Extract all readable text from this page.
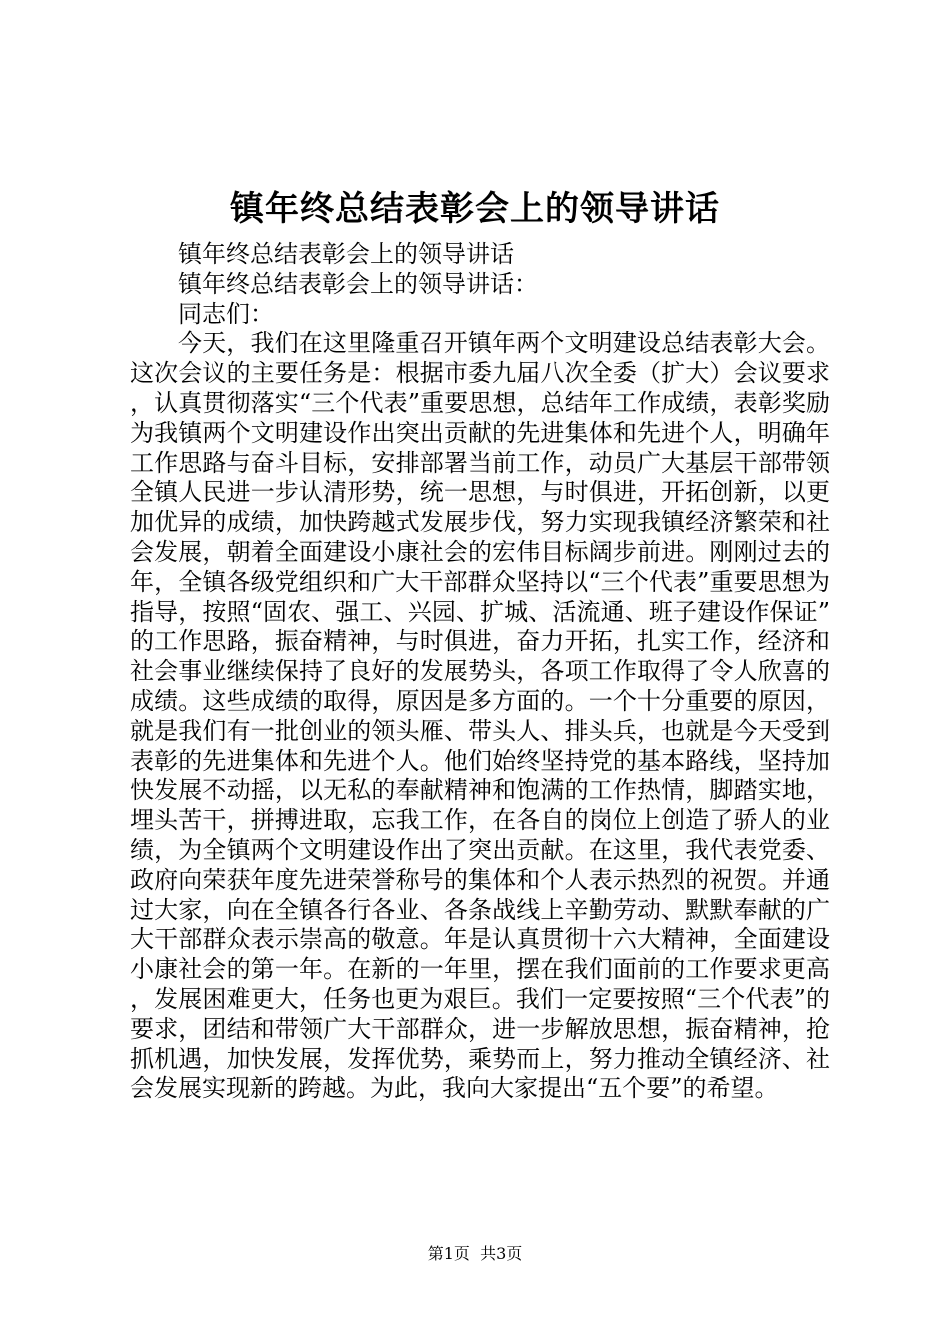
镇年终总结表彰会上的领导讲话

镇年终总结表彰会上的领导讲话

镇年终总结表彰会上的领导讲话：

同志们：

今天，我们在这里隆重召开镇年两个文明建设总结表彰大会。这次会议的主要任务是：根据市委九届八次全委（扩大）会议要求，认真贯彻落实“三个代表”重要思想，总结年工作成绩，表彰奖励为我镇两个文明建设作出突出贡献的先进集体和先进个人，明确年工作思路与奋斗目标，安排部署当前工作，动员广大基层干部带领全镇人民进一步认清形势，统一思想，与时俱进，开拓创新，以更加优异的成绩，加快跨越式发展步伐，努力实现我镇经济繁荣和社会发展，朝着全面建设小康社会的宏伟目标阔步前进。刚刚过去的年，全镇各级党组织和广大干部群众坚持以“三个代表”重要思想为指导，按照“固农、强工、兴园、扩城、活流通、班子建设作保证”的工作思路，振奋精神，与时俱进，奋力开拓，扎实工作，经济和社会事业继续保持了良好的发展势头，各项工作取得了令人欣喜的成绩。这些成绩的取得，原因是多方面的。一个十分重要的原因，就是我们有一批创业的领头雁、带头人、排头兵，也就是今天受到表彰的先进集体和先进个人。他们始终坚持党的基本路线，坚持加快发展不动摇，以无私的奉献精神和饱满的工作热情，脚踏实地，埋头苦干，拼搏进取，忘我工作，在各自的岗位上创造了骄人的业绩，为全镇两个文明建设作出了突出贡献。在这里，我代表党委、政府向荣获年度先进荣誉称号的集体和个人表示热烈的祝贺。并通过大家，向在全镇各行各业、各条战线上辛勤劳动、默默奉献的广大干部群众表示崇高的敬意。年是认真贯彻十六大精神，全面建设小康社会的第一年。在新的一年里，摆在我们面前的工作要求更高，发展困难更大，任务也更为艰巨。我们一定要按照“三个代表”的要求，团结和带领广大干部群众，进一步解放思想，振奋精神，抢抓机遇，加快发展，发挥优势，乘势而上，努力推动全镇经济、社会发展实现新的跨越。为此，我向大家提出“五个要”的希望。

第1页  共3页
